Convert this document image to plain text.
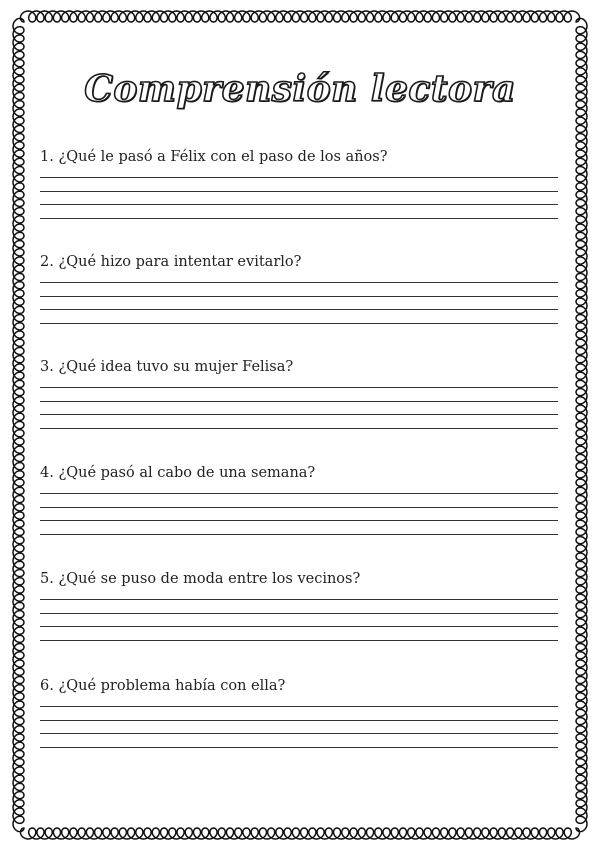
Comprensión lectora
1. ¿Qué le pasó a Félix con el paso de los años?
2. ¿Qué hizo para intentar evitarlo?
3. ¿Qué idea tuvo su mujer Felisa?
4. ¿Qué pasó al cabo de una semana?
5. ¿Qué se puso de moda entre los vecinos?
6. ¿Qué problema había con ella?
